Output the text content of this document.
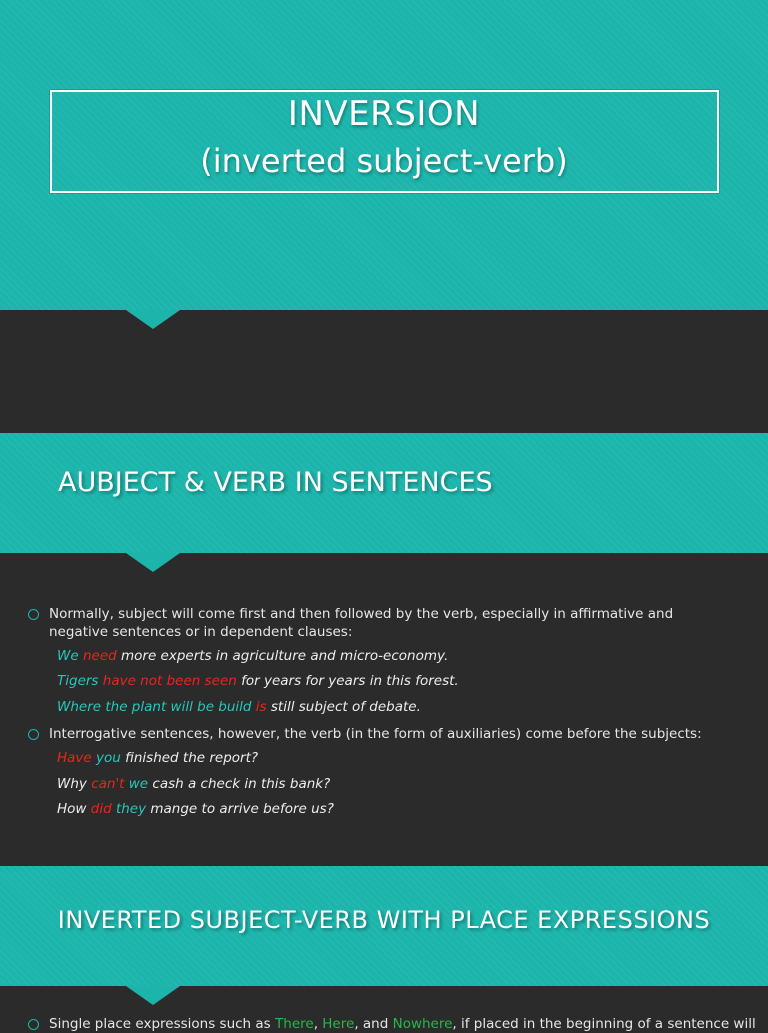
INVERSION
(inverted subject-verb)
AUBJECT & VERB IN SENTENCES
Normally, subject will come first and then followed by the verb, especially in affirmative and negative sentences or in dependent clauses:
We need more experts in agriculture and micro-economy.
Tigers have not been seen for years for years in this forest.
Where the plant will be build is still subject of debate.
Interrogative sentences, however, the verb (in the form of auxiliaries) come before the subjects:
Have you finished the report?
Why can't we cash a check in this bank?
How did they mange to arrive before us?
INVERTED SUBJECT-VERB WITH PLACE EXPRESSIONS
Single place expressions such as There, Here, and Nowhere, if placed in the beginning of a sentence will
